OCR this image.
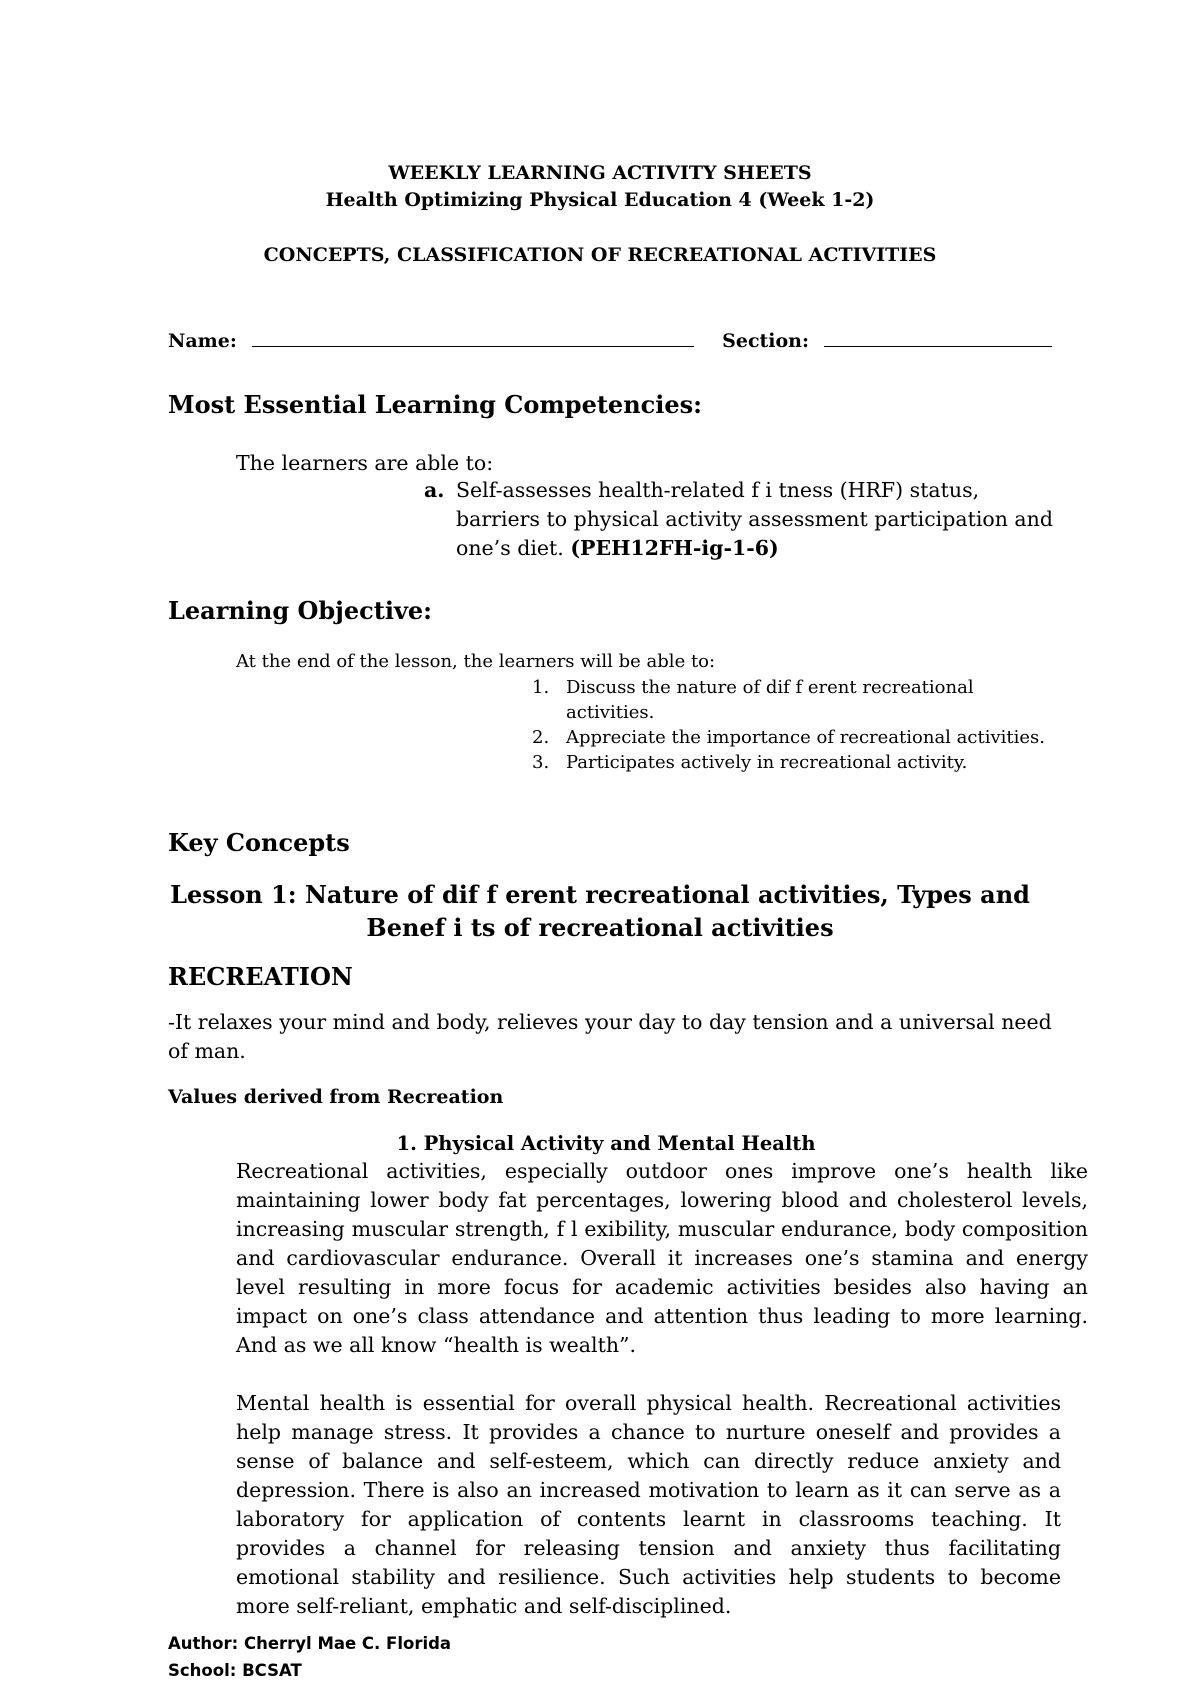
WEEKLY LEARNING ACTIVITY SHEETS
Health Optimizing Physical Education 4 (Week 1-2)
CONCEPTS, CLASSIFICATION OF RECREATIONAL ACTIVITIES
Name:	Section:
Most Essential Learning Competencies:
The learners are able to:
a. Self-assesses health-related f i tness (HRF) status, barriers to physical activity assessment participation and one’s diet. (PEH12FH-ig-1-6)
Learning Objective:
At the end of the lesson, the learners will be able to:
1. Discuss the nature of dif f erent recreational activities.
2. Appreciate the importance of recreational activities.
3. Participates actively in recreational activity.
Key Concepts
Lesson 1: Nature of dif f erent recreational activities, Types and
Benef i ts of recreational activities
RECREATION
-It relaxes your mind and body, relieves your day to day tension and a universal need of man.
Values derived from Recreation
1. Physical Activity and Mental Health
Recreational activities, especially outdoor ones improve one’s health like maintaining lower body fat percentages, lowering blood and cholesterol levels, increasing muscular strength, f l exibility, muscular endurance, body composition and cardiovascular endurance. Overall it increases one’s stamina and energy level resulting in more focus for academic activities besides also having an impact on one’s class attendance and attention thus leading to more learning. And as we all know “health is wealth”.
Mental health is essential for overall physical health. Recreational activities help manage stress. It provides a chance to nurture oneself and provides a sense of balance and self-esteem, which can directly reduce anxiety and depression. There is also an increased motivation to learn as it can serve as a laboratory for application of contents learnt in classrooms teaching. It provides a channel for releasing tension and anxiety thus facilitating emotional stability and resilience. Such activities help students to become more self-reliant, emphatic and self-disciplined.
Author: Cherryl Mae C. Florida
School: BCSAT
